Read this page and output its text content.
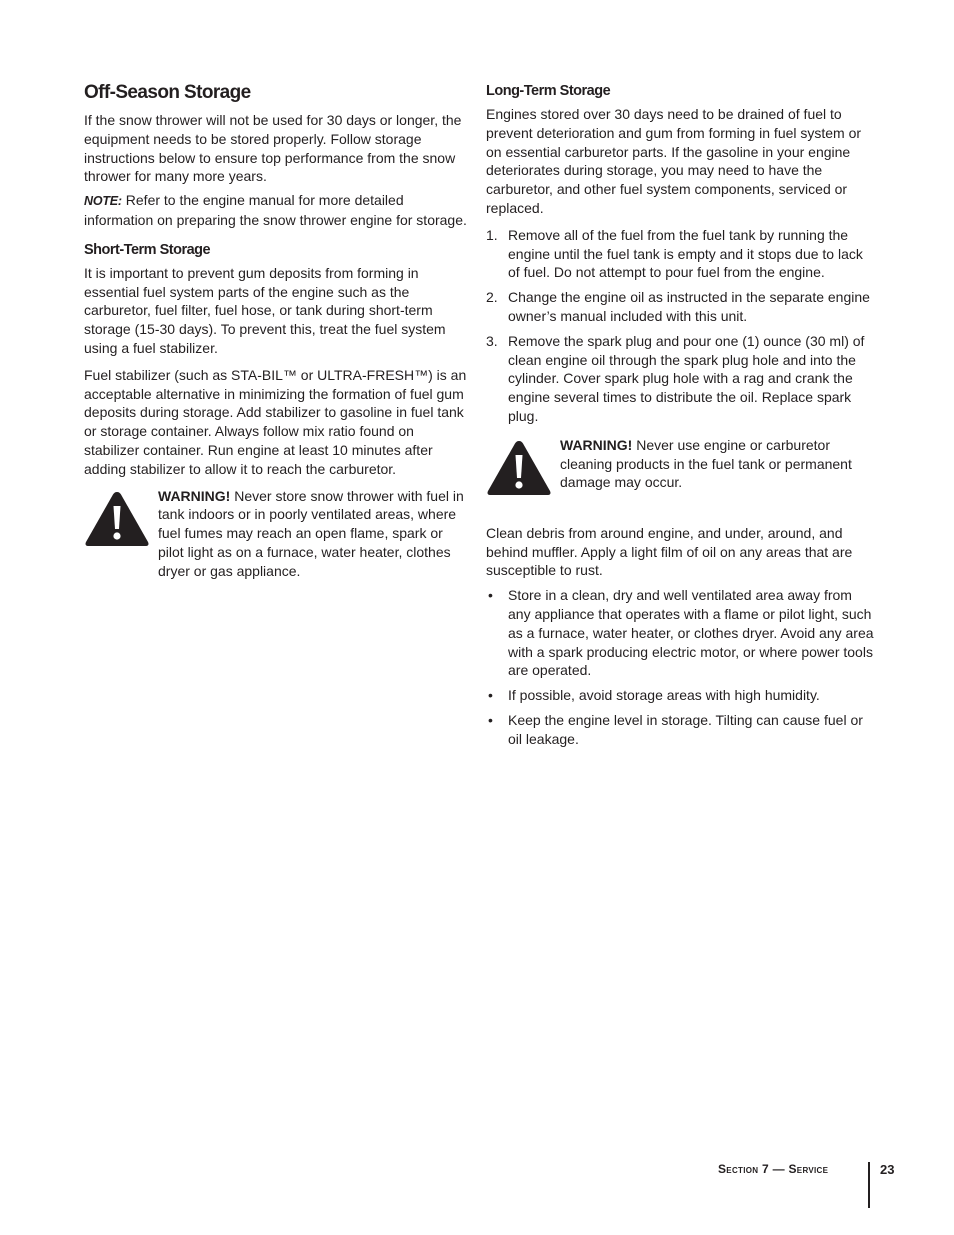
Off-Season Storage

If the snow thrower will not be used for 30 days or longer, the equipment needs to be stored properly. Follow storage instructions below to ensure top performance from the snow thrower for many more years.

NOTE: Refer to the engine manual for more detailed information on preparing the snow thrower engine for storage.

Short-Term Storage

It is important to prevent gum deposits from forming in essential fuel system parts of the engine such as the carburetor, fuel filter, fuel hose, or tank during short-term storage (15-30 days). To prevent this, treat the fuel system using a fuel stabilizer.

Fuel stabilizer (such as STA-BIL™ or ULTRA-FRESH™) is an acceptable alternative in minimizing the formation of fuel gum deposits during storage. Add stabilizer to gasoline in fuel tank or storage container. Always follow mix ratio found on stabilizer container. Run engine at least 10 minutes after adding stabilizer to allow it to reach the carburetor.

WARNING! Never store snow thrower with fuel in tank indoors or in poorly ventilated areas, where fuel fumes may reach an open flame, spark or pilot light as on a furnace, water heater, clothes dryer or gas appliance.
Long-Term Storage

Engines stored over 30 days need to be drained of fuel to prevent deterioration and gum from forming in fuel system or on essential carburetor parts. If the gasoline in your engine deteriorates during storage, you may need to have the carburetor, and other fuel system components, serviced or replaced.

1. Remove all of the fuel from the fuel tank by running the engine until the fuel tank is empty and it stops due to lack of fuel. Do not attempt to pour fuel from the engine.
2. Change the engine oil as instructed in the separate engine owner’s manual included with this unit.
3. Remove the spark plug and pour one (1) ounce (30 ml) of clean engine oil through the spark plug hole and into the cylinder. Cover spark plug hole with a rag and crank the engine several times to distribute the oil. Replace spark plug.
WARNING! Never use engine or carburetor cleaning products in the fuel tank or permanent damage may occur.

Clean debris from around engine, and under, around, and behind muffler. Apply a light film of oil on any areas that are susceptible to rust.

• Store in a clean, dry and well ventilated area away from any appliance that operates with a flame or pilot light, such as a furnace, water heater, or clothes dryer. Avoid any area with a spark producing electric motor, or where power tools are operated.
• If possible, avoid storage areas with high humidity.
• Keep the engine level in storage. Tilting can cause fuel or oil leakage.
Section 7 — Service	23
